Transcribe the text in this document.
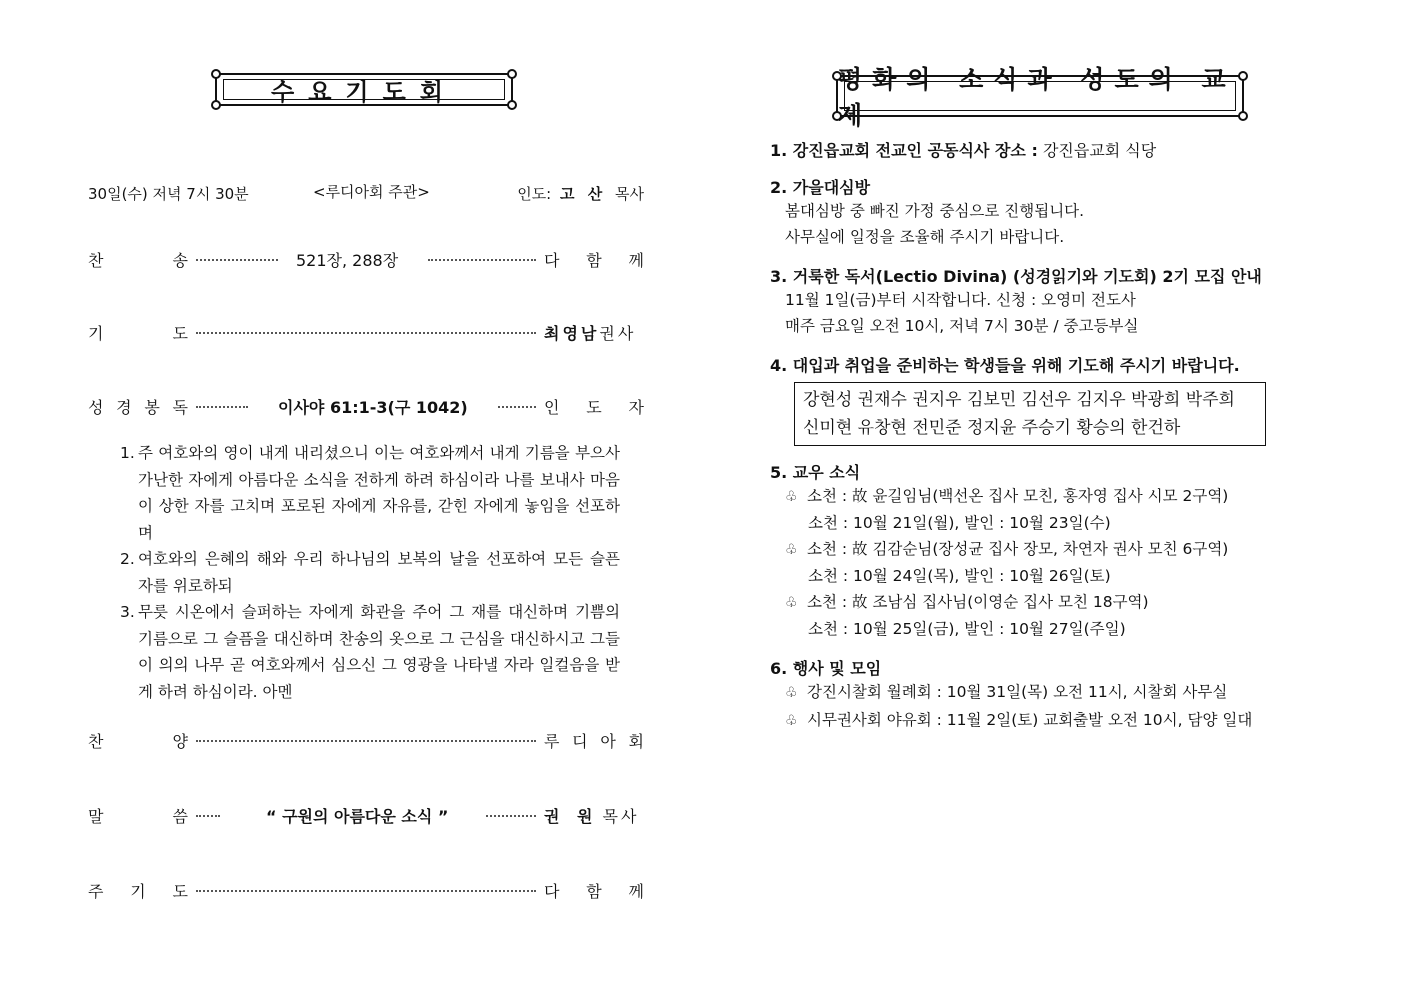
수요기도회
30일(수) 저녁 7시 30분	<루디아회 주관>	인도: 고 산 목사
찬	송	521장, 288장	다 함 께
기	도	최영남 권사
성 경 봉 독	이사야 61:1-3(구 1042)	인 도 자
1. 주 여호와의 영이 내게 내리셨으니 이는 여호와께서 내게 기름을 부으사 가난한 자에게 아름다운 소식을 전하게 하려 하심이라 나를 보내사 마음이 상한 자를 고치며 포로된 자에게 자유를, 갇힌 자에게 놓임을 선포하며
2. 여호와의 은혜의 해와 우리 하나님의 보복의 날을 선포하여 모든 슬픈 자를 위로하되
3. 무릇 시온에서 슬퍼하는 자에게 화관을 주어 그 재를 대신하며 기쁨의 기름으로 그 슬픔을 대신하며 찬송의 옷으로 그 근심을 대신하시고 그들이 의의 나무 곧 여호와께서 심으신 그 영광을 나타낼 자라 일컬음을 받게 하려 하심이라. 아멘
찬	양	루 디 아 회
말	씀	“ 구원의 아름다운 소식 ”	권 원 목사
주 기 도	다 함 께
평화의 소식과 성도의 교제
1. 강진읍교회 전교인 공동식사 장소 : 강진읍교회 식당
2. 가을대심방
봄대심방 중 빠진 가정 중심으로 진행됩니다.
사무실에 일정을 조율해 주시기 바랍니다.
3. 거룩한 독서(Lectio Divina) (성경읽기와 기도회) 2기 모집 안내
11월 1일(금)부터 시작합니다. 신청 : 오영미 전도사
매주 금요일 오전 10시, 저녁 7시 30분 / 중고등부실
4. 대입과 취업을 준비하는 학생들을 위해 기도해 주시기 바랍니다.
강현성 권재수 권지우 김보민 김선우 김지우 박광희 박주희
신미현 유창현 전민준 정지윤 주승기 황승의 한건하
5. 교우 소식
♧ 소천 : 故 윤길임님(백선온 집사 모친, 홍자영 집사 시모 2구역)
소천 : 10월 21일(월), 발인 : 10월 23일(수)
♧ 소천 : 故 김감순님(장성균 집사 장모, 차연자 권사 모친 6구역)
소천 : 10월 24일(목), 발인 : 10월 26일(토)
♧ 소천 : 故 조남심 집사님(이영순 집사 모친 18구역)
소천 : 10월 25일(금), 발인 : 10월 27일(주일)
6. 행사 및 모임
♧ 강진시찰회 월례회 : 10월 31일(목) 오전 11시, 시찰회 사무실
♧ 시무권사회 야유회 : 11월 2일(토) 교회출발 오전 10시, 담양 일대
